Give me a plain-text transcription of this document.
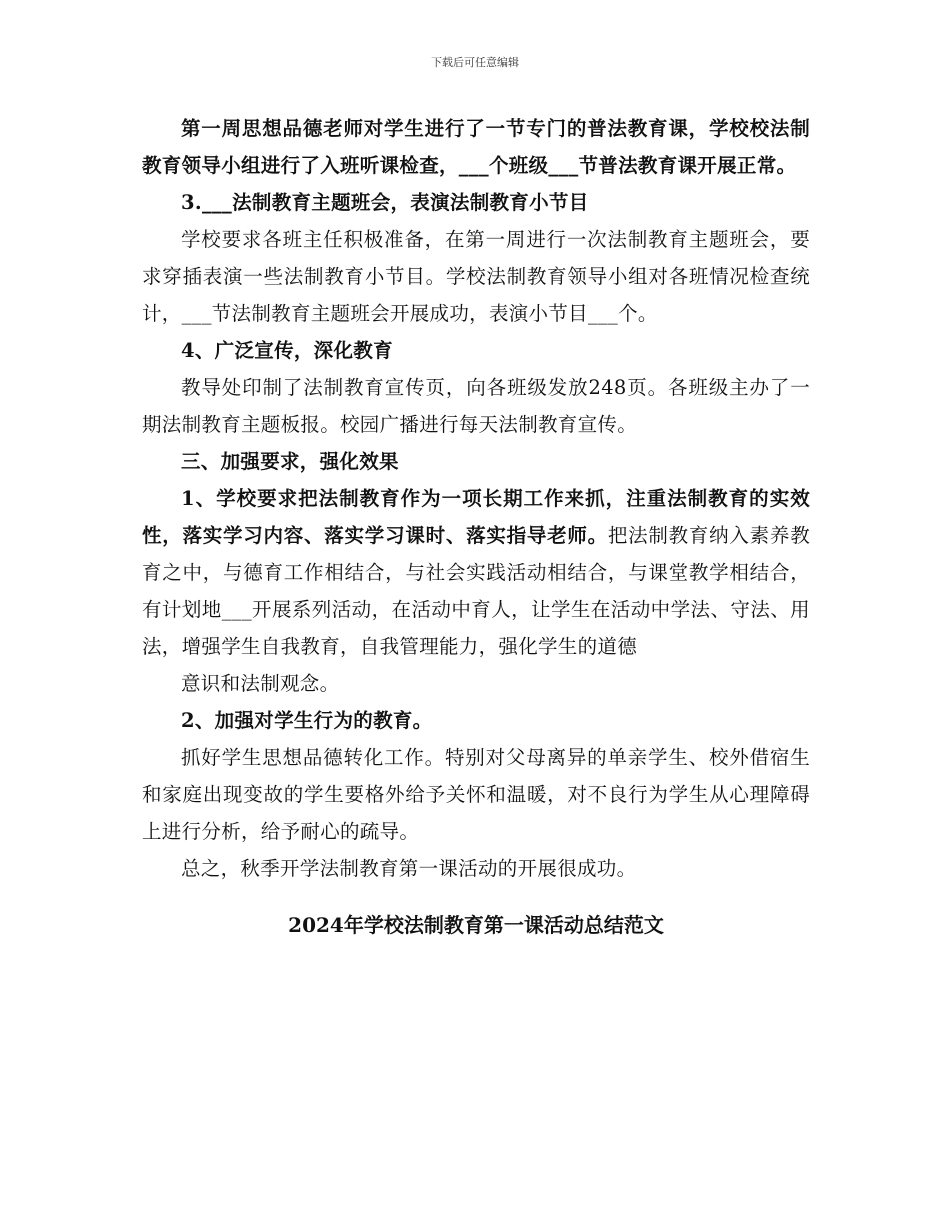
下载后可任意编辑

第一周思想品德老师对学生进行了一节专门的普法教育课，学校校法制教育领导小组进行了入班听课检查，___个班级___节普法教育课开展正常。

3.___法制教育主题班会，表演法制教育小节目

学校要求各班主任积极准备，在第一周进行一次法制教育主题班会，要求穿插表演一些法制教育小节目。学校法制教育领导小组对各班情况检查统计，___节法制教育主题班会开展成功，表演小节目___个。

4、广泛宣传，深化教育

教导处印制了法制教育宣传页，向各班级发放248页。各班级主办了一期法制教育主题板报。校园广播进行每天法制教育宣传。

三、加强要求，强化效果

1、学校要求把法制教育作为一项长期工作来抓，注重法制教育的实效性，落实学习内容、落实学习课时、落实指导老师。把法制教育纳入素养教育之中，与德育工作相结合，与社会实践活动相结合，与课堂教学相结合，有计划地___开展系列活动，在活动中育人，让学生在活动中学法、守法、用法，增强学生自我教育，自我管理能力，强化学生的道德

意识和法制观念。

2、加强对学生行为的教育。

抓好学生思想品德转化工作。特别对父母离异的单亲学生、校外借宿生和家庭出现变故的学生要格外给予关怀和温暖，对不良行为学生从心理障碍上进行分析，给予耐心的疏导。

总之，秋季开学法制教育第一课活动的开展很成功。

2024年学校法制教育第一课活动总结范文
